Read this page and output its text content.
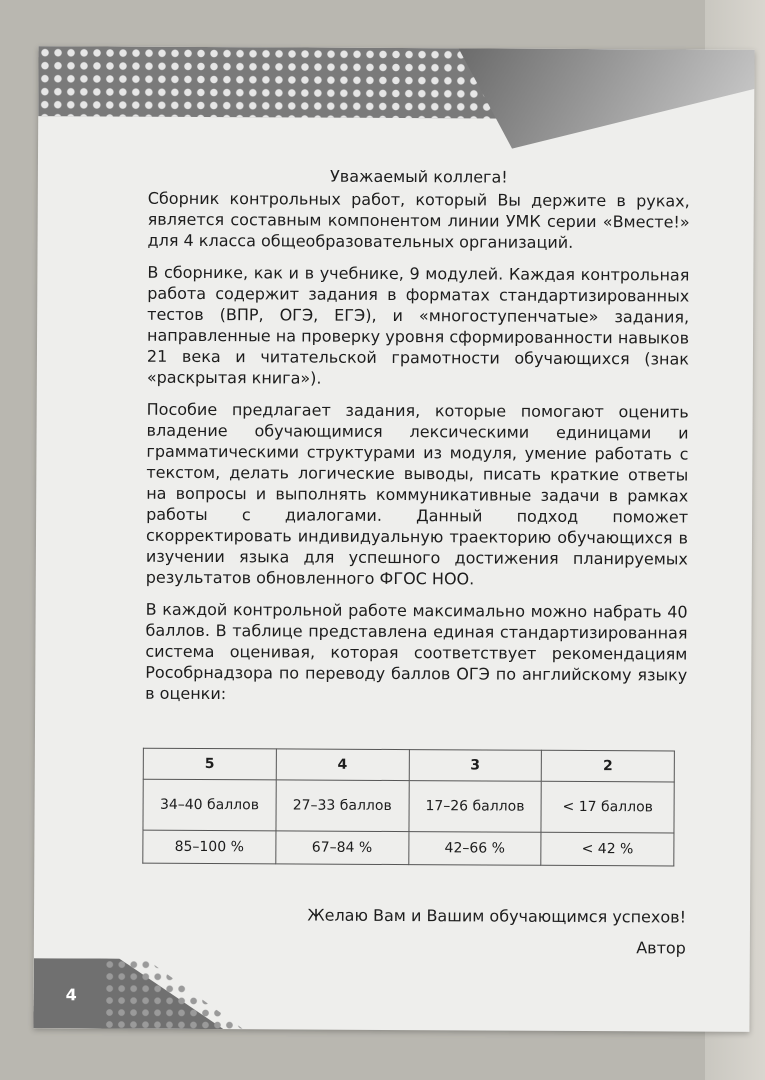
4

Уважаемый коллега!

Сборник контрольных работ, который Вы держите в руках, является составным компонентом линии УМК серии «Вместе!» для 4 класса общеобразовательных организаций.

В сборнике, как и в учебнике, 9 модулей. Каждая контрольная работа содержит задания в форматах стандартизированных тестов (ВПР, ОГЭ, ЕГЭ), и «многоступенчатые» задания, направленные на проверку уровня сформированности навыков 21 века и читательской грамотности обучающихся (знак «раскрытая книга»).

Пособие предлагает задания, которые помогают оценить владение обучающимися лексическими единицами и грамматическими структурами из модуля, умение работать с текстом, делать логические выводы, писать краткие ответы на вопросы и выполнять коммуникативные задачи в рамках работы с диалогами. Данный подход поможет скорректировать индивидуальную траекторию обучающихся в изучении языка для успешного достижения планируемых результатов обновленного ФГОС НОО.

В каждой контрольной работе максимально можно набрать 40 баллов. В таблице представлена единая стандартизированная система оценивая, которая соответствует рекомендациям Рособрнадзора по переводу баллов ОГЭ по английскому языку в оценки:

5	4	3	2
34–40 баллов	27–33 баллов	17–26 баллов	< 17 баллов
85–100 %	67–84 %	42–66 %	< 42 %

Желаю Вам и Вашим обучающимся успехов!

Автор
